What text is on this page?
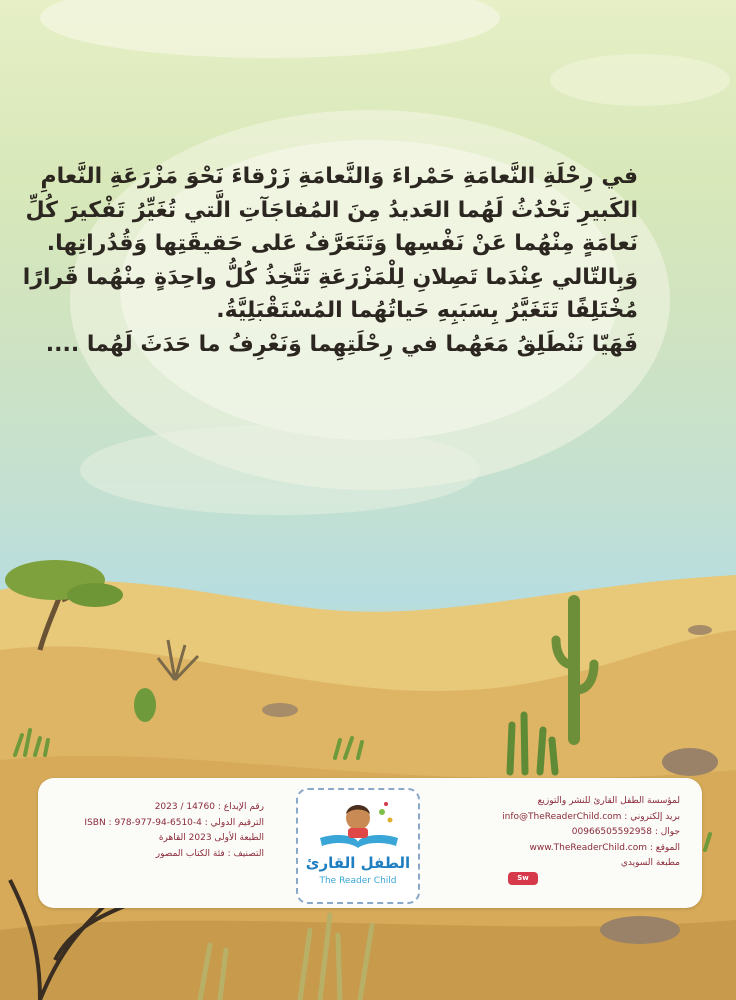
في رِحْلَةِ النَّعامَةِ حَمْراءَ وَالنَّعامَةِ زَرْقاءَ نَحْوَ مَزْرَعَةِ النَّعامِ
الكَبيرِ تَحْدُثُ لَهُما العَديدُ مِنَ المُفاجَآتِ الَّتي تُغَيِّرُ تَفْكيرَ كُلِّ
نَعامَةٍ مِنْهُما عَنْ نَفْسِها وَتَتَعَرَّفُ عَلى حَقيقَتِها وَقُدُراتِها.
وَبِالتّالي عِنْدَما تَصِلانِ لِلْمَزْرَعَةِ تَتَّخِذُ كُلُّ واحِدَةٍ مِنْهُما قَرارًا
مُخْتَلِفًا تَتَغَيَّرُ بِسَبَبِهِ حَياتُهُما المُسْتَقْبَلِيَّةُ.
فَهَيّا نَنْطَلِقُ مَعَهُما في رِحْلَتِهِما وَنَعْرِفُ ما حَدَثَ لَهُما ....
رقم الإيداع : 14760 / 2023
الترقيم الدولي : ISBN : 978-977-94-6510-4
الطبعة الأولى 2023 القاهرة
التصنيف : فئة الكتاب المصور
الطفل القارئ
The Reader Child
لمؤسسة الطفل القارئ للنشر والتوزيع
بريد إلكتروني : info@TheReaderChild.com
جوال : 00966505592958
الموقع : www.TheReaderChild.com
مطبعة السويدي
Sw
